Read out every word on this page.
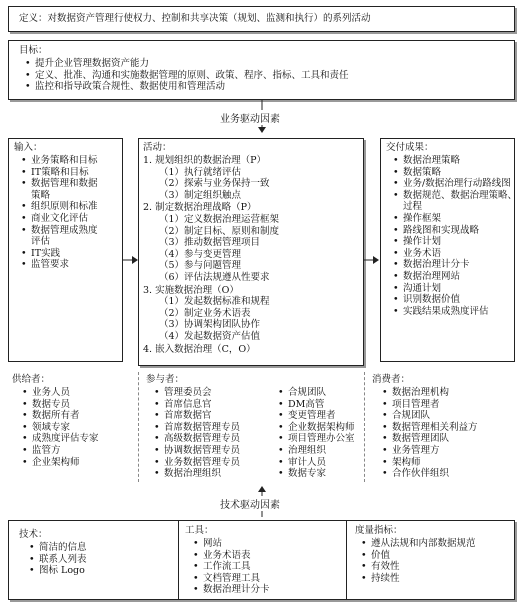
定义：对数据资产管理行使权力、控制和共享决策（规划、监测和执行）的系列活动
目标：
• 提升企业管理数据资产能力
• 定义、批准、沟通和实施数据管理的原则、政策、程序、指标、工具和责任
• 监控和指导政策合规性、数据使用和管理活动
业务驱动因素
输入：
• 业务策略和目标
• IT策略和目标
• 数据管理和数据
策略
• 组织原则和标准
• 商业文化评估
• 数据管理成熟度
评估
• IT实践
• 监管要求
活动：
1. 规划组织的数据治理（P）
（1）执行就绪评估
（2）探索与业务保持一致
（3）制定组织触点
2. 制定数据治理战略（P）
（1）定义数据治理运营框架
（2）制定目标、原则和制度
（3）推动数据管理项目
（4）参与变更管理
（5）参与问题管理
（6）评估法规遵从性要求
3. 实施数据治理（O）
（1）发起数据标准和规程
（2）制定业务术语表
（3）协调架构团队协作
（4）发起数据资产估值
4. 嵌入数据治理（C，O）
交付成果：
• 数据治理策略
• 数据策略
• 业务/数据治理行动路线图
• 数据规范、数据治理策略、
过程
• 操作框架
• 路线图和实现战略
• 操作计划
• 业务术语
• 数据治理计分卡
• 数据治理网站
• 沟通计划
• 识别数据价值
• 实践结果成熟度评估
供给者：
• 业务人员
• 数据专员
• 数据所有者
• 领域专家
• 成熟度评估专家
• 监管方
• 企业架构师
参与者：
• 管理委员会
• 首席信息官
• 首席数据官
• 首席数据管理专员
• 高级数据管理专员
• 协调数据管理专员
• 业务数据管理专员
• 数据治理组织
• 合规团队
• DM高管
• 变更管理者
• 企业数据架构师
• 项目管理办公室
• 治理组织
• 审计人员
• 数据专家
消费者：
• 数据治理机构
• 项目管理者
• 合规团队
• 数据管理相关利益方
• 数据管理团队
• 业务管理方
• 架构师
• 合作伙伴组织
技术驱动因素
技术：
• 简洁的信息
• 联系人列表
• 图标 Logo
工具：
• 网站
• 业务术语表
• 工作流工具
• 文档管理工具
• 数据治理计分卡
度量指标：
• 遵从法规和内部数据规范
• 价值
• 有效性
• 持续性
